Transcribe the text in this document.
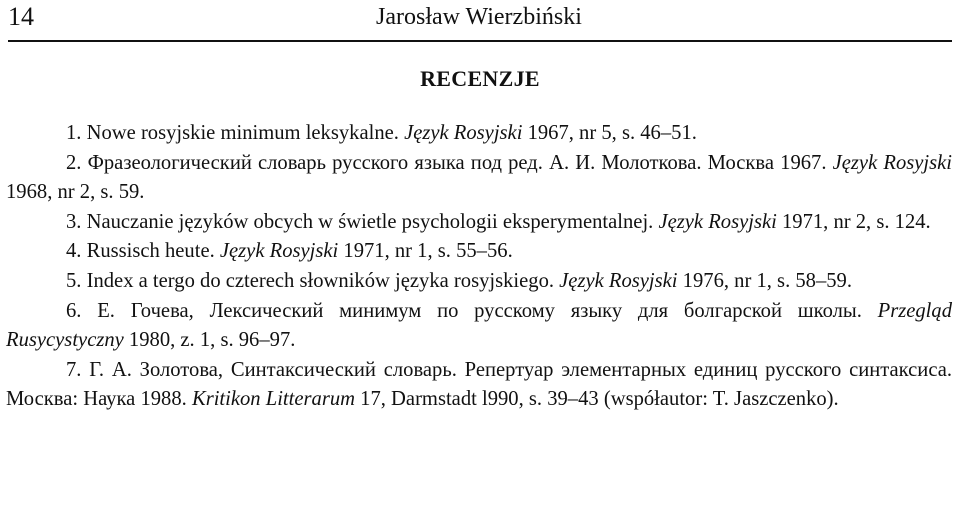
14	Jarosław Wierzbiński
RECENZJE

1. Nowe rosyjskie minimum leksykalne. Język Rosyjski 1967, nr 5, s. 46–51.

2. Фразеологический словарь русского языка под ред. А. И. Молоткова. Москва 1967. Język Rosyjski 1968, nr 2, s. 59.

3. Nauczanie języków obcych w świetle psychologii eksperymentalnej. Język Rosyjski 1971, nr 2, s. 124.

4. Russisch heute. Język Rosyjski 1971, nr 1, s. 55–56.

5. Index a tergo do czterech słowników języka rosyjskiego. Język Rosyjski 1976, nr 1, s. 58–59.

6. E. Гочева, Лексический минимум по русскому языку для болгарской школы. Przegląd Rusycystyczny 1980, z. 1, s. 96–97.

7. Г. А. Золотова, Синтаксический словарь. Репертуар элементарных единиц русского синтаксиса. Москва: Наука 1988. Kritikon Litterarum 17, Darmstadt l990, s. 39–43 (współautor: T. Jaszczenko).
